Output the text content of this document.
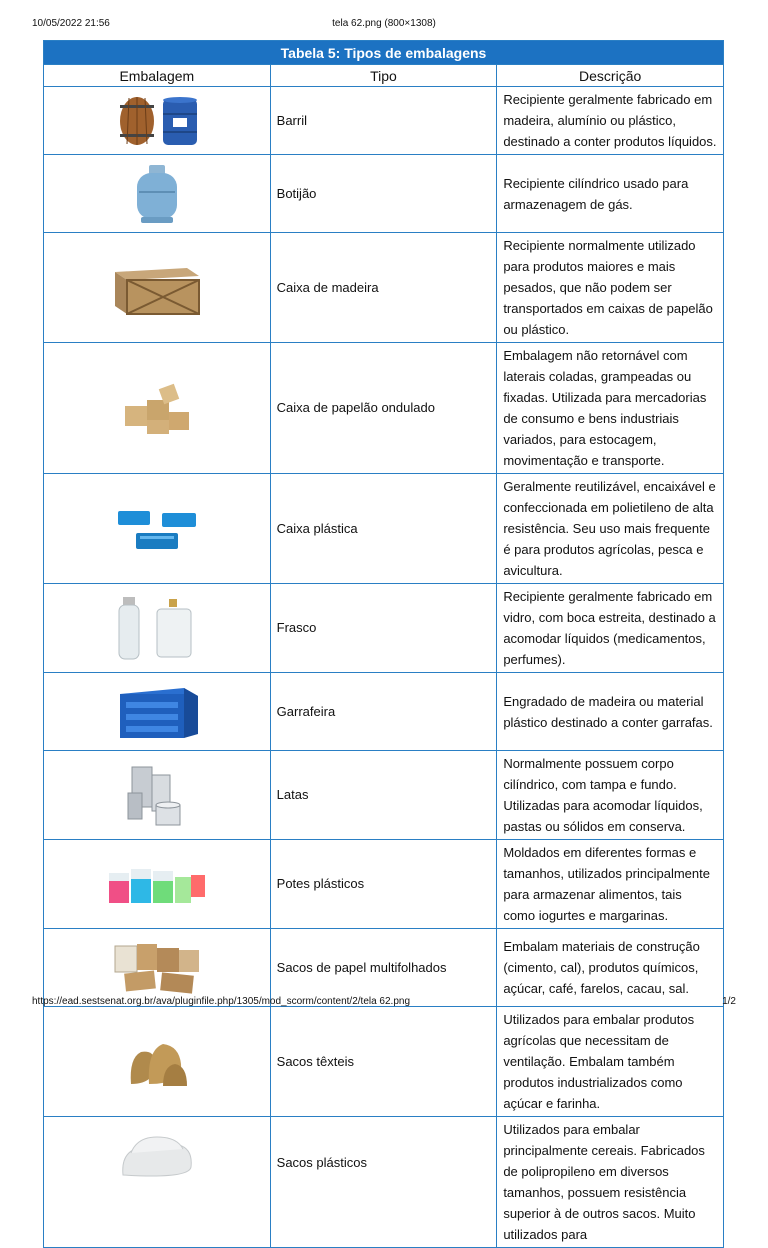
10/05/2022 21:56	tela 62.png (800×1308)
Tabela 5: Tipos de embalagens		
Embalagem	Tipo	Descrição

	Barril	Recipiente geralmente fabricado em madeira, alumínio ou plástico, destinado a conter produtos líquidos.

	Botijão	Recipiente cilíndrico usado para armazenagem de gás.

	Caixa de madeira	Recipiente normalmente utilizado para produtos maiores e mais pesados, que não podem ser transportados em caixas de papelão ou plástico.

	Caixa de papelão ondulado	Embalagem não retornável com laterais coladas, grampeadas ou fixadas. Utilizada para mercadorias de consumo e bens industriais variados, para estocagem, movimentação e transporte.

	Caixa plástica	Geralmente reutilizável, encaixável e confeccionada em polietileno de alta resistência. Seu uso mais frequente é para produtos agrícolas, pesca e avicultura.

	Frasco	Recipiente geralmente fabricado em vidro, com boca estreita, destinado a acomodar líquidos (medicamentos, perfumes).

	Garrafeira	Engradado de madeira ou material plástico destinado a conter garrafas.

	Latas	Normalmente possuem corpo cilíndrico, com tampa e fundo. Utilizadas para acomodar líquidos, pastas ou sólidos em conserva.

	Potes plásticos	Moldados em diferentes formas e tamanhos, utilizados principalmente para armazenar alimentos, tais como iogurtes e margarinas.

	Sacos de papel multifolhados	Embalam materiais de construção (cimento, cal), produtos químicos, açúcar, café, farelos, cacau, sal.

	Sacos têxteis	Utilizados para embalar produtos agrícolas que necessitam de ventilação. Embalam também produtos industrializados como açúcar e farinha.

	Sacos plásticos	Utilizados para embalar principalmente cereais. Fabricados de polipropileno em diversos tamanhos, possuem resistência superior à de outros sacos. Muito utilizados para
https://ead.sestsenat.org.br/ava/pluginfile.php/1305/mod_scorm/content/2/tela 62.png	1/2
